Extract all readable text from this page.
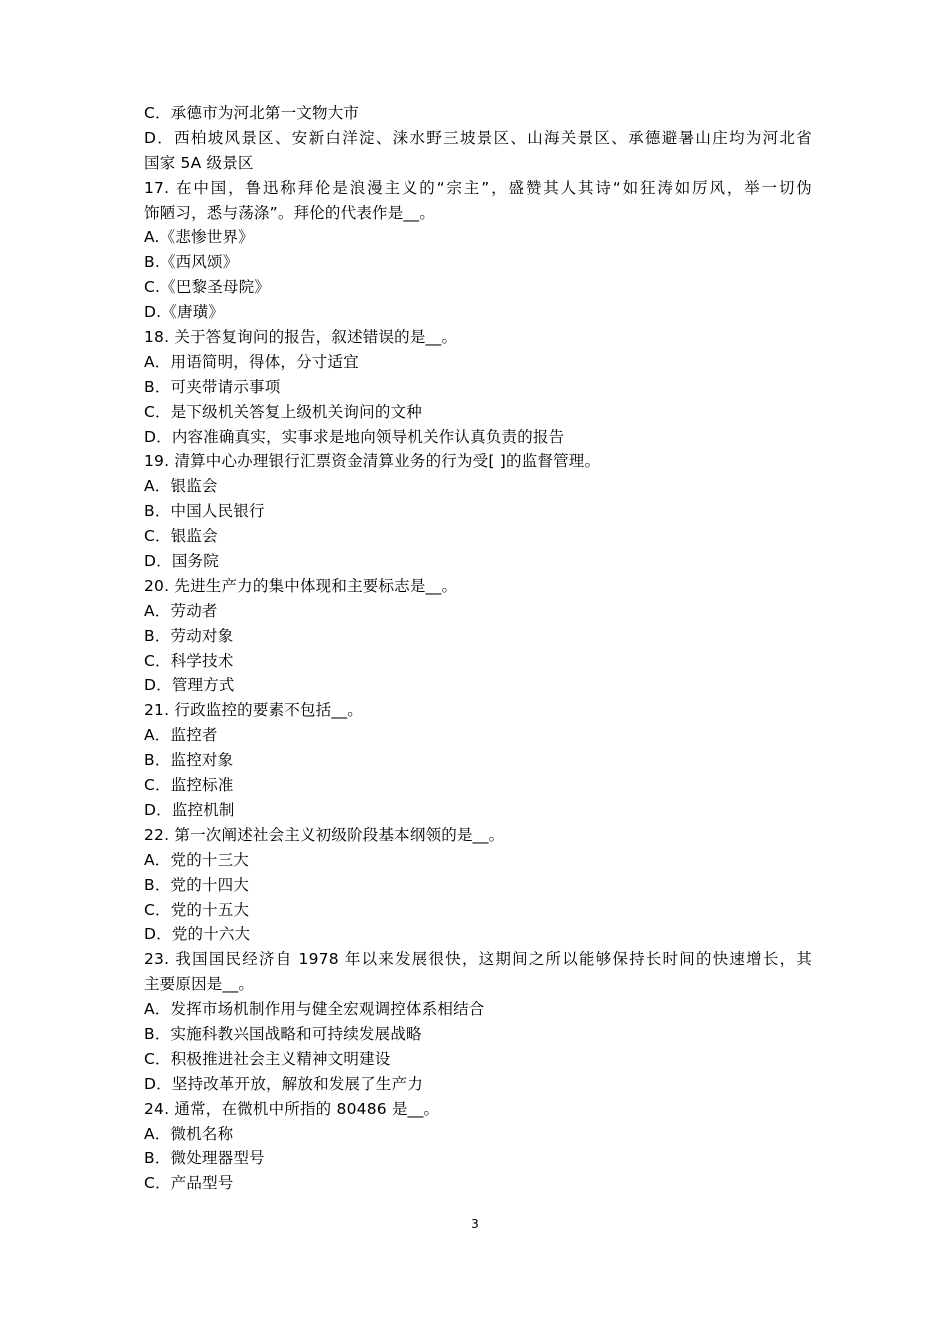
C．承德市为河北第一文物大市
D．西柏坡风景区、安新白洋淀、涞水野三坡景区、山海关景区、承德避暑山庄均为河北省
国家 5A 级景区
17. 在中国，鲁迅称拜伦是浪漫主义的“宗主”，盛赞其人其诗“如狂涛如厉风，举一切伪
饰陋习，悉与荡涤”。拜伦的代表作是__。
A.《悲惨世界》
B.《西风颂》
C.《巴黎圣母院》
D.《唐璜》
18. 关于答复询问的报告，叙述错误的是__。
A．用语简明，得体，分寸适宜
B．可夹带请示事项
C．是下级机关答复上级机关询问的文种
D．内容准确真实，实事求是地向领导机关作认真负责的报告
19. 清算中心办理银行汇票资金清算业务的行为受[ ]的监督管理。
A．银监会
B．中国人民银行
C．银监会
D．国务院
20. 先进生产力的集中体现和主要标志是__。
A．劳动者
B．劳动对象
C．科学技术
D．管理方式
21. 行政监控的要素不包括__。
A．监控者
B．监控对象
C．监控标准
D．监控机制
22. 第一次阐述社会主义初级阶段基本纲领的是__。
A．党的十三大
B．党的十四大
C．党的十五大
D．党的十六大
23. 我国国民经济自 1978 年以来发展很快，这期间之所以能够保持长时间的快速增长，其
主要原因是__。
A．发挥市场机制作用与健全宏观调控体系相结合
B．实施科教兴国战略和可持续发展战略
C．积极推进社会主义精神文明建设
D．坚持改革开放，解放和发展了生产力
24. 通常，在微机中所指的 80486 是__。
A．微机名称
B．微处理器型号
C．产品型号
3
